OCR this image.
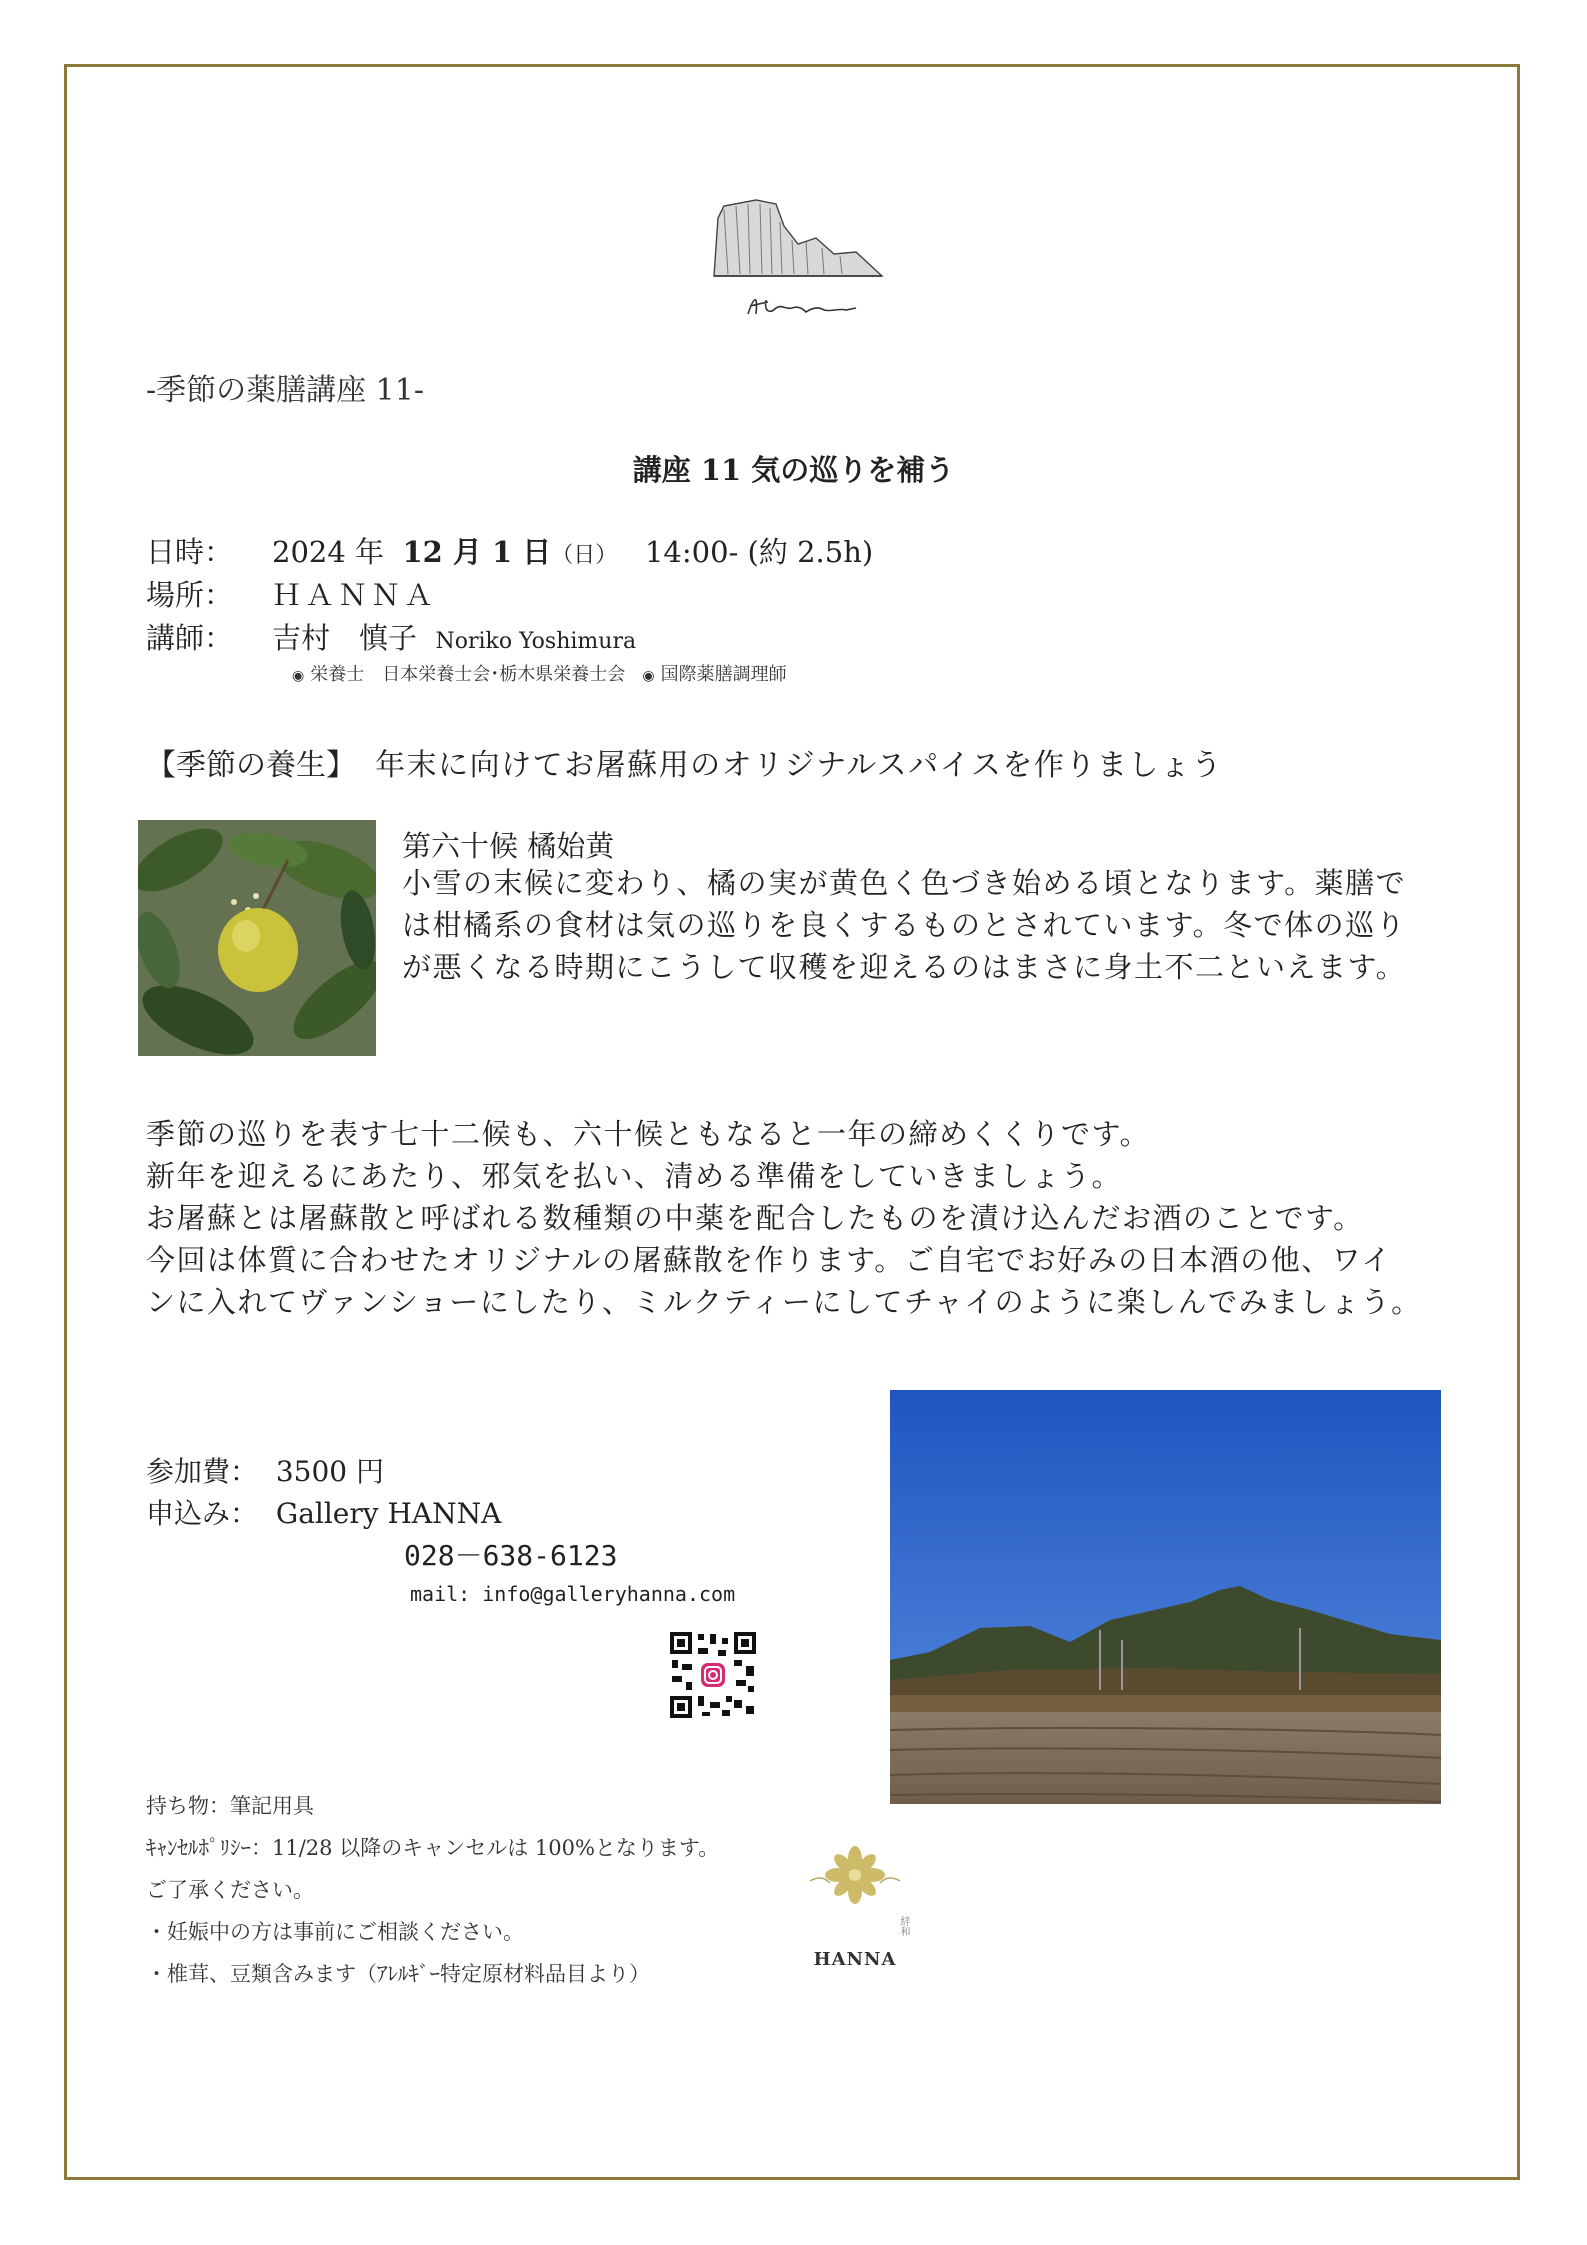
-季節の薬膳講座 11-
講座 11 気の巡りを補う
日時： 2024 年 12 月 1 日（日） 14:00- (約 2.5h)
場所： ＨＡＮＮＡ
講師： 吉村　慎子 Noriko Yoshimura
◉ 栄養士　日本栄養士会･栃木県栄養士会 ◉ 国際薬膳調理師
【季節の養生】 年末に向けてお屠蘇用のオリジナルスパイスを作りましょう
第六十候 橘始黄

小雪の末候に変わり、橘の実が黄色く色づき始める頃となります。薬膳で

は柑橘系の食材は気の巡りを良くするものとされています。冬で体の巡り

が悪くなる時期にこうして収穫を迎えるのはまさに身土不二といえます。

季節の巡りを表す七十二候も、六十候ともなると一年の締めくくりです。

新年を迎えるにあたり、邪気を払い、清める準備をしていきましょう。

お屠蘇とは屠蘇散と呼ばれる数種類の中薬を配合したものを漬け込んだお酒のことです。

今回は体質に合わせたオリジナルの屠蘇散を作ります。ご自宅でお好みの日本酒の他、ワイ

ンに入れてヴァンショーにしたり、ミルクティーにしてチャイのように楽しんでみましょう。

参加費： 3500 円
申込み： Gallery HANNA
028－638-6123
mail: info@galleryhanna.com

持ち物：筆記用具

ｷｬﾝｾﾙﾎﾟﾘｼｰ：11/28 以降のキャンセルは 100%となります。

ご了承ください。

・妊娠中の方は事前にご相談ください。

・椎茸、豆類含みます（ｱﾚﾙｷﾞｰ特定原材料品目より）

絆和
HANNA
